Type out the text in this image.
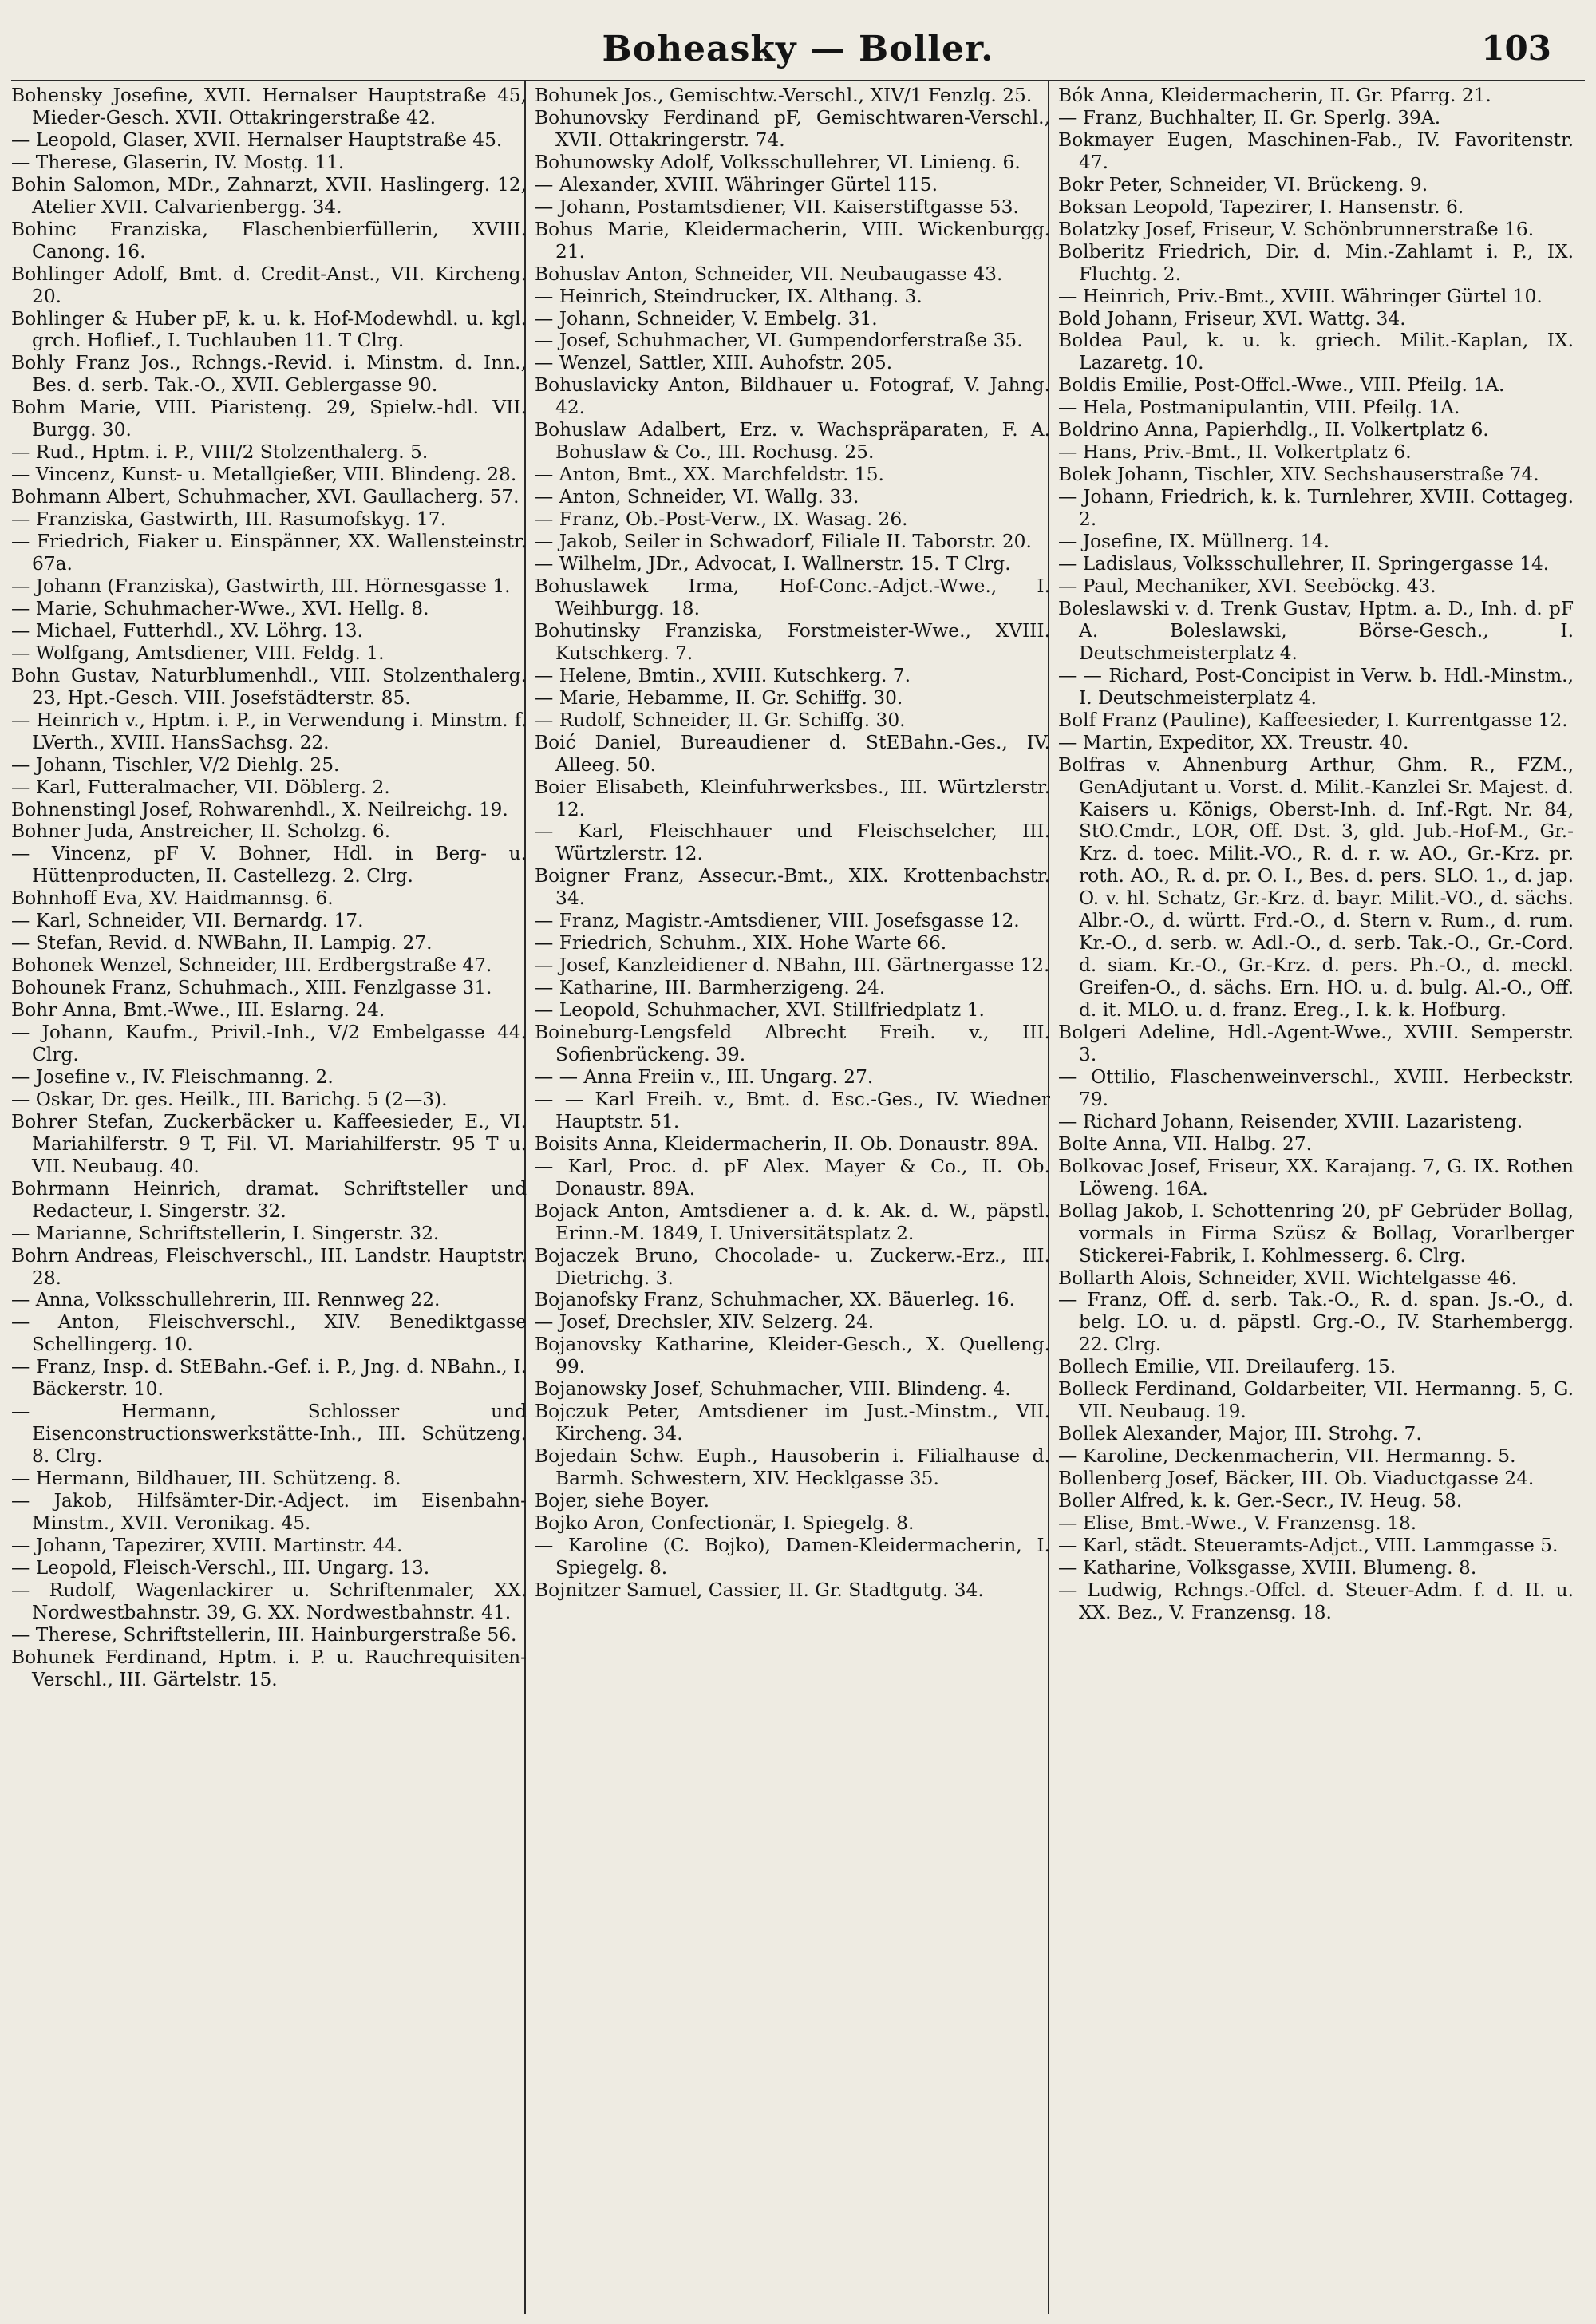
Boheasky — Boller.	103

Bohensky Josefine, XVII. Hernalser Hauptstraße 45, Mieder-Gesch. XVII. Ottakringerstraße 42.

— Leopold, Glaser, XVII. Hernalser Hauptstraße 45.

— Therese, Glaserin, IV. Mostg. 11.

Bohin Salomon, MDr., Zahnarzt, XVII. Haslingerg. 12, Atelier XVII. Calvarienbergg. 34.

Bohinc Franziska, Flaschenbierfüllerin, XVIII. Canong. 16.

Bohlinger Adolf, Bmt. d. Credit-Anst., VII. Kircheng. 20.

Bohlinger & Huber pF, k. u. k. Hof-Modewhdl. u. kgl. grch. Hoflief., I. Tuchlauben 11. T Clrg.

Bohly Franz Jos., Rchngs.-Revid. i. Minstm. d. Inn., Bes. d. serb. Tak.-O., XVII. Geblergasse 90.

Bohm Marie, VIII. Piaristeng. 29, Spielw.-hdl. VII. Burgg. 30.

— Rud., Hptm. i. P., VIII/2 Stolzenthalerg. 5.

— Vincenz, Kunst- u. Metallgießer, VIII. Blindeng. 28.

Bohmann Albert, Schuhmacher, XVI. Gaullacherg. 57.

— Franziska, Gastwirth, III. Rasumofskyg. 17.

— Friedrich, Fiaker u. Einspänner, XX. Wallensteinstr. 67a.

— Johann (Franziska), Gastwirth, III. Hörnesgasse 1.

— Marie, Schuhmacher-Wwe., XVI. Hellg. 8.

— Michael, Futterhdl., XV. Löhrg. 13.

— Wolfgang, Amtsdiener, VIII. Feldg. 1.

Bohn Gustav, Naturblumenhdl., VIII. Stolzenthalerg. 23, Hpt.-Gesch. VIII. Josefstädterstr. 85.

— Heinrich v., Hptm. i. P., in Verwendung i. Minstm. f. LVerth., XVIII. HansSachsg. 22.

— Johann, Tischler, V/2 Diehlg. 25.

— Karl, Futteralmacher, VII. Döblerg. 2.

Bohnenstingl Josef, Rohwarenhdl., X. Neilreichg. 19.

Bohner Juda, Anstreicher, II. Scholzg. 6.

— Vincenz, pF V. Bohner, Hdl. in Berg- u. Hüttenproducten, II. Castellezg. 2. Clrg.

Bohnhoff Eva, XV. Haidmannsg. 6.

— Karl, Schneider, VII. Bernardg. 17.

— Stefan, Revid. d. NWBahn, II. Lampig. 27.

Bohonek Wenzel, Schneider, III. Erdbergstraße 47.

Bohounek Franz, Schuhmach., XIII. Fenzlgasse 31.

Bohr Anna, Bmt.-Wwe., III. Eslarng. 24.

— Johann, Kaufm., Privil.-Inh., V/2 Embelgasse 44. Clrg.

— Josefine v., IV. Fleischmanng. 2.

— Oskar, Dr. ges. Heilk., III. Barichg. 5 (2—3).

Bohrer Stefan, Zuckerbäcker u. Kaffeesieder, E., VI. Mariahilferstr. 9 T, Fil. VI. Mariahilferstr. 95 T u. VII. Neubaug. 40.

Bohrmann Heinrich, dramat. Schriftsteller und Redacteur, I. Singerstr. 32.

— Marianne, Schriftstellerin, I. Singerstr. 32.

Bohrn Andreas, Fleischverschl., III. Landstr. Hauptstr. 28.

— Anna, Volksschullehrerin, III. Rennweg 22.

— Anton, Fleischverschl., XIV. Benediktgasse Schellingerg. 10.

— Franz, Insp. d. StEBahn.-Gef. i. P., Jng. d. NBahn., I. Bäckerstr. 10.

— Hermann, Schlosser und Eisenconstructionswerkstätte-Inh., III. Schützeng. 8. Clrg.

— Hermann, Bildhauer, III. Schützeng. 8.

— Jakob, Hilfsämter-Dir.-Adject. im Eisenbahn-Minstm., XVII. Veronikag. 45.

— Johann, Tapezirer, XVIII. Martinstr. 44.

— Leopold, Fleisch-Verschl., III. Ungarg. 13.

— Rudolf, Wagenlackirer u. Schriftenmaler, XX. Nordwestbahnstr. 39, G. XX. Nordwestbahnstr. 41.

— Therese, Schriftstellerin, III. Hainburgerstraße 56.

Bohunek Ferdinand, Hptm. i. P. u. Rauchrequisiten-Verschl., III. Gärtelstr. 15.

Bohunek Jos., Gemischtw.-Verschl., XIV/1 Fenzlg. 25.

Bohunovsky Ferdinand pF, Gemischtwaren-Verschl., XVII. Ottakringerstr. 74.

Bohunowsky Adolf, Volksschullehrer, VI. Linieng. 6.

— Alexander, XVIII. Währinger Gürtel 115.

— Johann, Postamtsdiener, VII. Kaiserstiftgasse 53.

Bohus Marie, Kleidermacherin, VIII. Wickenburgg. 21.

Bohuslav Anton, Schneider, VII. Neubaugasse 43.

— Heinrich, Steindrucker, IX. Althang. 3.

— Johann, Schneider, V. Embelg. 31.

— Josef, Schuhmacher, VI. Gumpendorferstraße 35.

— Wenzel, Sattler, XIII. Auhofstr. 205.

Bohuslavicky Anton, Bildhauer u. Fotograf, V. Jahng. 42.

Bohuslaw Adalbert, Erz. v. Wachspräparaten, F. A. Bohuslaw & Co., III. Rochusg. 25.

— Anton, Bmt., XX. Marchfeldstr. 15.

— Anton, Schneider, VI. Wallg. 33.

— Franz, Ob.-Post-Verw., IX. Wasag. 26.

— Jakob, Seiler in Schwadorf, Filiale II. Taborstr. 20.

— Wilhelm, JDr., Advocat, I. Wallnerstr. 15. T Clrg.

Bohuslawek Irma, Hof-Conc.-Adjct.-Wwe., I. Weihburgg. 18.

Bohutinsky Franziska, Forstmeister-Wwe., XVIII. Kutschkerg. 7.

— Helene, Bmtin., XVIII. Kutschkerg. 7.

— Marie, Hebamme, II. Gr. Schiffg. 30.

— Rudolf, Schneider, II. Gr. Schiffg. 30.

Boić Daniel, Bureaudiener d. StEBahn.-Ges., IV. Alleeg. 50.

Boier Elisabeth, Kleinfuhrwerksbes., III. Würtzlerstr. 12.

— Karl, Fleischhauer und Fleischselcher, III. Würtzlerstr. 12.

Boigner Franz, Assecur.-Bmt., XIX. Krottenbachstr. 34.

— Franz, Magistr.-Amtsdiener, VIII. Josefsgasse 12.

— Friedrich, Schuhm., XIX. Hohe Warte 66.

— Josef, Kanzleidiener d. NBahn, III. Gärtnergasse 12.

— Katharine, III. Barmherzigeng. 24.

— Leopold, Schuhmacher, XVI. Stillfriedplatz 1.

Boineburg-Lengsfeld Albrecht Freih. v., III. Sofienbrückeng. 39.

— — Anna Freiin v., III. Ungarg. 27.

— — Karl Freih. v., Bmt. d. Esc.-Ges., IV. Wiedner Hauptstr. 51.

Boisits Anna, Kleidermacherin, II. Ob. Donaustr. 89A.

— Karl, Proc. d. pF Alex. Mayer & Co., II. Ob. Donaustr. 89A.

Bojack Anton, Amtsdiener a. d. k. Ak. d. W., päpstl. Erinn.-M. 1849, I. Universitätsplatz 2.

Bojaczek Bruno, Chocolade- u. Zuckerw.-Erz., III. Dietrichg. 3.

Bojanofsky Franz, Schuhmacher, XX. Bäuerleg. 16.

— Josef, Drechsler, XIV. Selzerg. 24.

Bojanovsky Katharine, Kleider-Gesch., X. Quelleng. 99.

Bojanowsky Josef, Schuhmacher, VIII. Blindeng. 4.

Bojczuk Peter, Amtsdiener im Just.-Minstm., VII. Kircheng. 34.

Bojedain Schw. Euph., Hausoberin i. Filialhause d. Barmh. Schwestern, XIV. Hecklgasse 35.

Bojer, siehe Boyer.

Bojko Aron, Confectionär, I. Spiegelg. 8.

— Karoline (C. Bojko), Damen-Kleidermacherin, I. Spiegelg. 8.

Bojnitzer Samuel, Cassier, II. Gr. Stadtgutg. 34.

Bók Anna, Kleidermacherin, II. Gr. Pfarrg. 21.

— Franz, Buchhalter, II. Gr. Sperlg. 39A.

Bokmayer Eugen, Maschinen-Fab., IV. Favoritenstr. 47.

Bokr Peter, Schneider, VI. Brückeng. 9.

Boksan Leopold, Tapezirer, I. Hansenstr. 6.

Bolatzky Josef, Friseur, V. Schönbrunnerstraße 16.

Bolberitz Friedrich, Dir. d. Min.-Zahlamt i. P., IX. Fluchtg. 2.

— Heinrich, Priv.-Bmt., XVIII. Währinger Gürtel 10.

Bold Johann, Friseur, XVI. Wattg. 34.

Boldea Paul, k. u. k. griech. Milit.-Kaplan, IX. Lazaretg. 10.

Boldis Emilie, Post-Offcl.-Wwe., VIII. Pfeilg. 1A.

— Hela, Postmanipulantin, VIII. Pfeilg. 1A.

Boldrino Anna, Papierhdlg., II. Volkertplatz 6.

— Hans, Priv.-Bmt., II. Volkertplatz 6.

Bolek Johann, Tischler, XIV. Sechshauserstraße 74.

— Johann, Friedrich, k. k. Turnlehrer, XVIII. Cottageg. 2.

— Josefine, IX. Müllnerg. 14.

— Ladislaus, Volksschullehrer, II. Springergasse 14.

— Paul, Mechaniker, XVI. Seeböckg. 43.

Boleslawski v. d. Trenk Gustav, Hptm. a. D., Inh. d. pF A. Boleslawski, Börse-Gesch., I. Deutschmeisterplatz 4.

— — Richard, Post-Concipist in Verw. b. Hdl.-Minstm., I. Deutschmeisterplatz 4.

Bolf Franz (Pauline), Kaffeesieder, I. Kurrentgasse 12.

— Martin, Expeditor, XX. Treustr. 40.

Bolfras v. Ahnenburg Arthur, Ghm. R., FZM., GenAdjutant u. Vorst. d. Milit.-Kanzlei Sr. Majest. d. Kaisers u. Königs, Oberst-Inh. d. Inf.-Rgt. Nr. 84, StO.Cmdr., LOR, Off. Dst. 3, gld. Jub.-Hof-M., Gr.-Krz. d. toec. Milit.-VO., R. d. r. w. AO., Gr.-Krz. pr. roth. AO., R. d. pr. O. I., Bes. d. pers. SLO. 1., d. jap. O. v. hl. Schatz, Gr.-Krz. d. bayr. Milit.-VO., d. sächs. Albr.-O., d. württ. Frd.-O., d. Stern v. Rum., d. rum. Kr.-O., d. serb. w. Adl.-O., d. serb. Tak.-O., Gr.-Cord. d. siam. Kr.-O., Gr.-Krz. d. pers. Ph.-O., d. meckl. Greifen-O., d. sächs. Ern. HO. u. d. bulg. Al.-O., Off. d. it. MLO. u. d. franz. Ereg., I. k. k. Hofburg.

Bolgeri Adeline, Hdl.-Agent-Wwe., XVIII. Semperstr. 3.

— Ottilio, Flaschenweinverschl., XVIII. Herbeckstr. 79.

— Richard Johann, Reisender, XVIII. Lazaristeng.

Bolte Anna, VII. Halbg. 27.

Bolkovac Josef, Friseur, XX. Karajang. 7, G. IX. Rothen Löweng. 16A.

Bollag Jakob, I. Schottenring 20, pF Gebrüder Bollag, vormals in Firma Szüsz & Bollag, Vorarlberger Stickerei-Fabrik, I. Kohlmesserg. 6. Clrg.

Bollarth Alois, Schneider, XVII. Wichtelgasse 46.

— Franz, Off. d. serb. Tak.-O., R. d. span. Js.-O., d. belg. LO. u. d. päpstl. Grg.-O., IV. Starhembergg. 22. Clrg.

Bollech Emilie, VII. Dreilauferg. 15.

Bolleck Ferdinand, Goldarbeiter, VII. Hermanng. 5, G. VII. Neubaug. 19.

Bollek Alexander, Major, III. Strohg. 7.

— Karoline, Deckenmacherin, VII. Hermanng. 5.

Bollenberg Josef, Bäcker, III. Ob. Viaductgasse 24.

Boller Alfred, k. k. Ger.-Secr., IV. Heug. 58.

— Elise, Bmt.-Wwe., V. Franzensg. 18.

— Karl, städt. Steueramts-Adjct., VIII. Lammgasse 5.

— Katharine, Volksgasse, XVIII. Blumeng. 8.

— Ludwig, Rchngs.-Offcl. d. Steuer-Adm. f. d. II. u. XX. Bez., V. Franzensg. 18.
